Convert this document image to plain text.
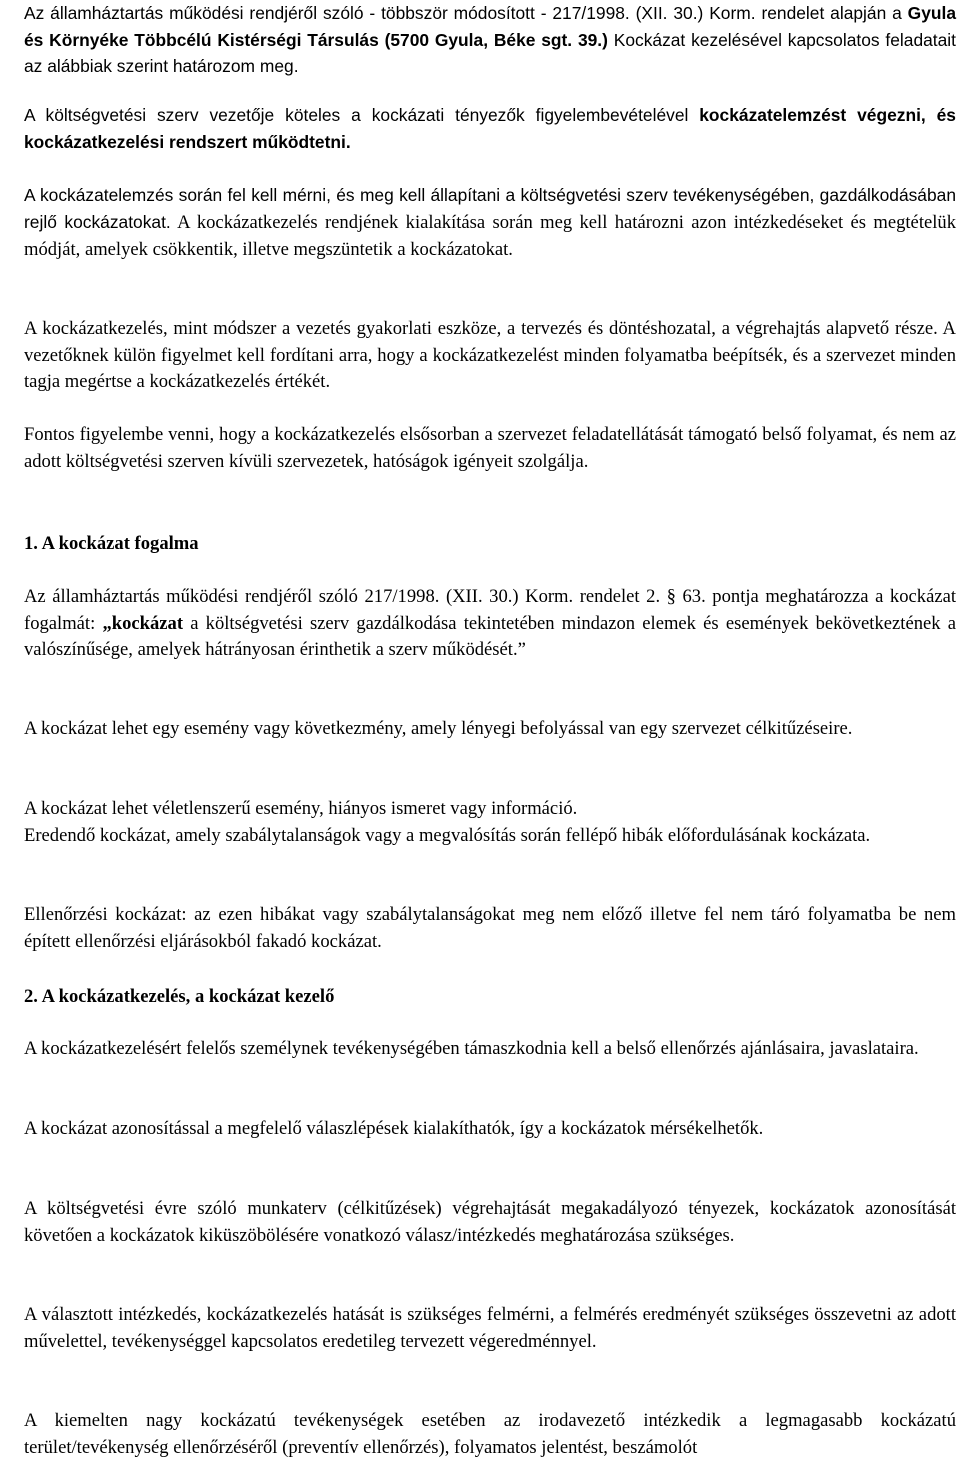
Az államháztartás működési rendjéről szóló - többször módosított - 217/1998. (XII. 30.) Korm. rendelet alapján a Gyula és Környéke Többcélú Kistérségi Társulás (5700 Gyula, Béke sgt. 39.) Kockázat kezelésével kapcsolatos feladatait az alábbiak szerint határozom meg.

A költségvetési szerv vezetője köteles a kockázati tényezők figyelembevételével kockázatelemzést végezni, és kockázatkezelési rendszert működtetni.

A kockázatelemzés során fel kell mérni, és meg kell állapítani a költségvetési szerv tevékenységében, gazdálkodásában rejlő kockázatokat. A kockázatkezelés rendjének kialakítása során meg kell határozni azon intézkedéseket és megtételük módját, amelyek csökkentik, illetve megszüntetik a kockázatokat.

A kockázatkezelés, mint módszer a vezetés gyakorlati eszköze, a tervezés és döntéshozatal, a végrehajtás alapvető része. A vezetőknek külön figyelmet kell fordítani arra, hogy a kockázatkezelést minden folyamatba beépítsék, és a szervezet minden tagja megértse a kockázatkezelés értékét.

Fontos figyelembe venni, hogy a kockázatkezelés elsősorban a szervezet feladatellátását támogató belső folyamat, és nem az adott költségvetési szerven kívüli szervezetek, hatóságok igényeit szolgálja.

1. A kockázat fogalma

Az államháztartás működési rendjéről szóló 217/1998. (XII. 30.) Korm. rendelet 2. § 63. pontja meghatározza a kockázat fogalmát: „kockázat a költségvetési szerv gazdálkodása tekintetében mindazon elemek és események bekövetkeztének a valószínűsége, amelyek hátrányosan érinthetik a szerv működését.”

A kockázat lehet egy esemény vagy következmény, amely lényegi befolyással van egy szervezet célkitűzéseire.

A kockázat lehet véletlenszerű esemény, hiányos ismeret vagy információ.
Eredendő kockázat, amely szabálytalanságok vagy a megvalósítás során fellépő hibák előfordulásának kockázata.

Ellenőrzési kockázat: az ezen hibákat vagy szabálytalanságokat meg nem előző illetve fel nem táró folyamatba be nem épített ellenőrzési eljárásokból fakadó kockázat.

2. A kockázatkezelés, a kockázat kezelő

A kockázatkezelésért felelős személynek tevékenységében támaszkodnia kell a belső ellenőrzés ajánlásaira, javaslataira.

A kockázat azonosítással a megfelelő válaszlépések kialakíthatók, így a kockázatok mérsékelhetők.

A költségvetési évre szóló munkaterv (célkitűzések) végrehajtását megakadályozó tényezek, kockázatok azonosítását követően a kockázatok kiküszöbölésére vonatkozó válasz/intézkedés meghatározása szükséges.

A választott intézkedés, kockázatkezelés hatását is szükséges felmérni, a felmérés eredményét szükséges összevetni az adott művelettel, tevékenységgel kapcsolatos eredetileg tervezett végeredménnyel.

A kiemelten nagy kockázatú tevékenységek esetében az irodavezető intézkedik a legmagasabb kockázatú terület/tevékenység ellenőrzéséről (preventív ellenőrzés), folyamatos jelentést, beszámolót
